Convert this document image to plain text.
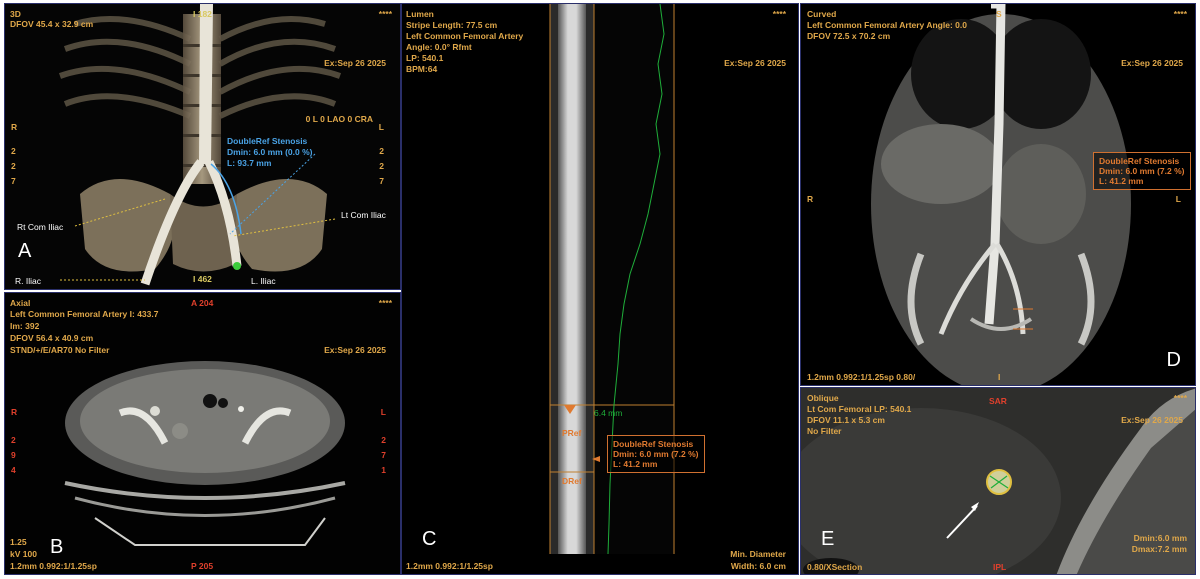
3D
DFOV 45.4 x 32.9 cm
I 182	****
Ex:Sep 26 2025
0 L 0 LAO 0 CRA
R	L
2
2
7
2
2
7
DoubleRef Stenosis
Dmin: 6.0 mm (0.0 %)
L: 93.7 mm
Rt Com Iliac
Lt Com Iliac
R. Iliac	L. Iliac
I 462
A
Axial
Left Common Femoral Artery I: 433.7
Im: 392
DFOV 56.4 x 40.9 cm
STND/+/E/AR70 No Filter
A 204	****
Ex:Sep 26 2025
R	L
2
9
4
2
7
1
1.25
kV 100
1.2mm 0.992:1/1.25sp	P 205
B
Lumen
Stripe Length: 77.5 cm
Left Common Femoral Artery
Angle: 0.0° Rfmt
LP: 540.1
BPM:64
****
Ex:Sep 26 2025
6.4 mm
PRef
DRef
DoubleRef Stenosis
Dmin: 6.0 mm (7.2 %)
L: 41.2 mm
1.2mm 0.992:1/1.25sp
Min. Diameter
Width: 6.0 cm
C
Curved
Left Common Femoral Artery Angle: 0.0
DFOV 72.5 x 70.2 cm
S	****
Ex:Sep 26 2025
R	L
DoubleRef Stenosis
Dmin: 6.0 mm (7.2 %)
L: 41.2 mm
1.2mm 0.992:1/1.25sp 0.80/	I
D
Oblique
Lt Com Femoral LP: 540.1
DFOV 11.1 x 5.3 cm
No Filter
SAR	****
Ex:Sep 26 2025
Dmin:6.0 mm
Dmax:7.2 mm
0.80/XSection	IPL
E
